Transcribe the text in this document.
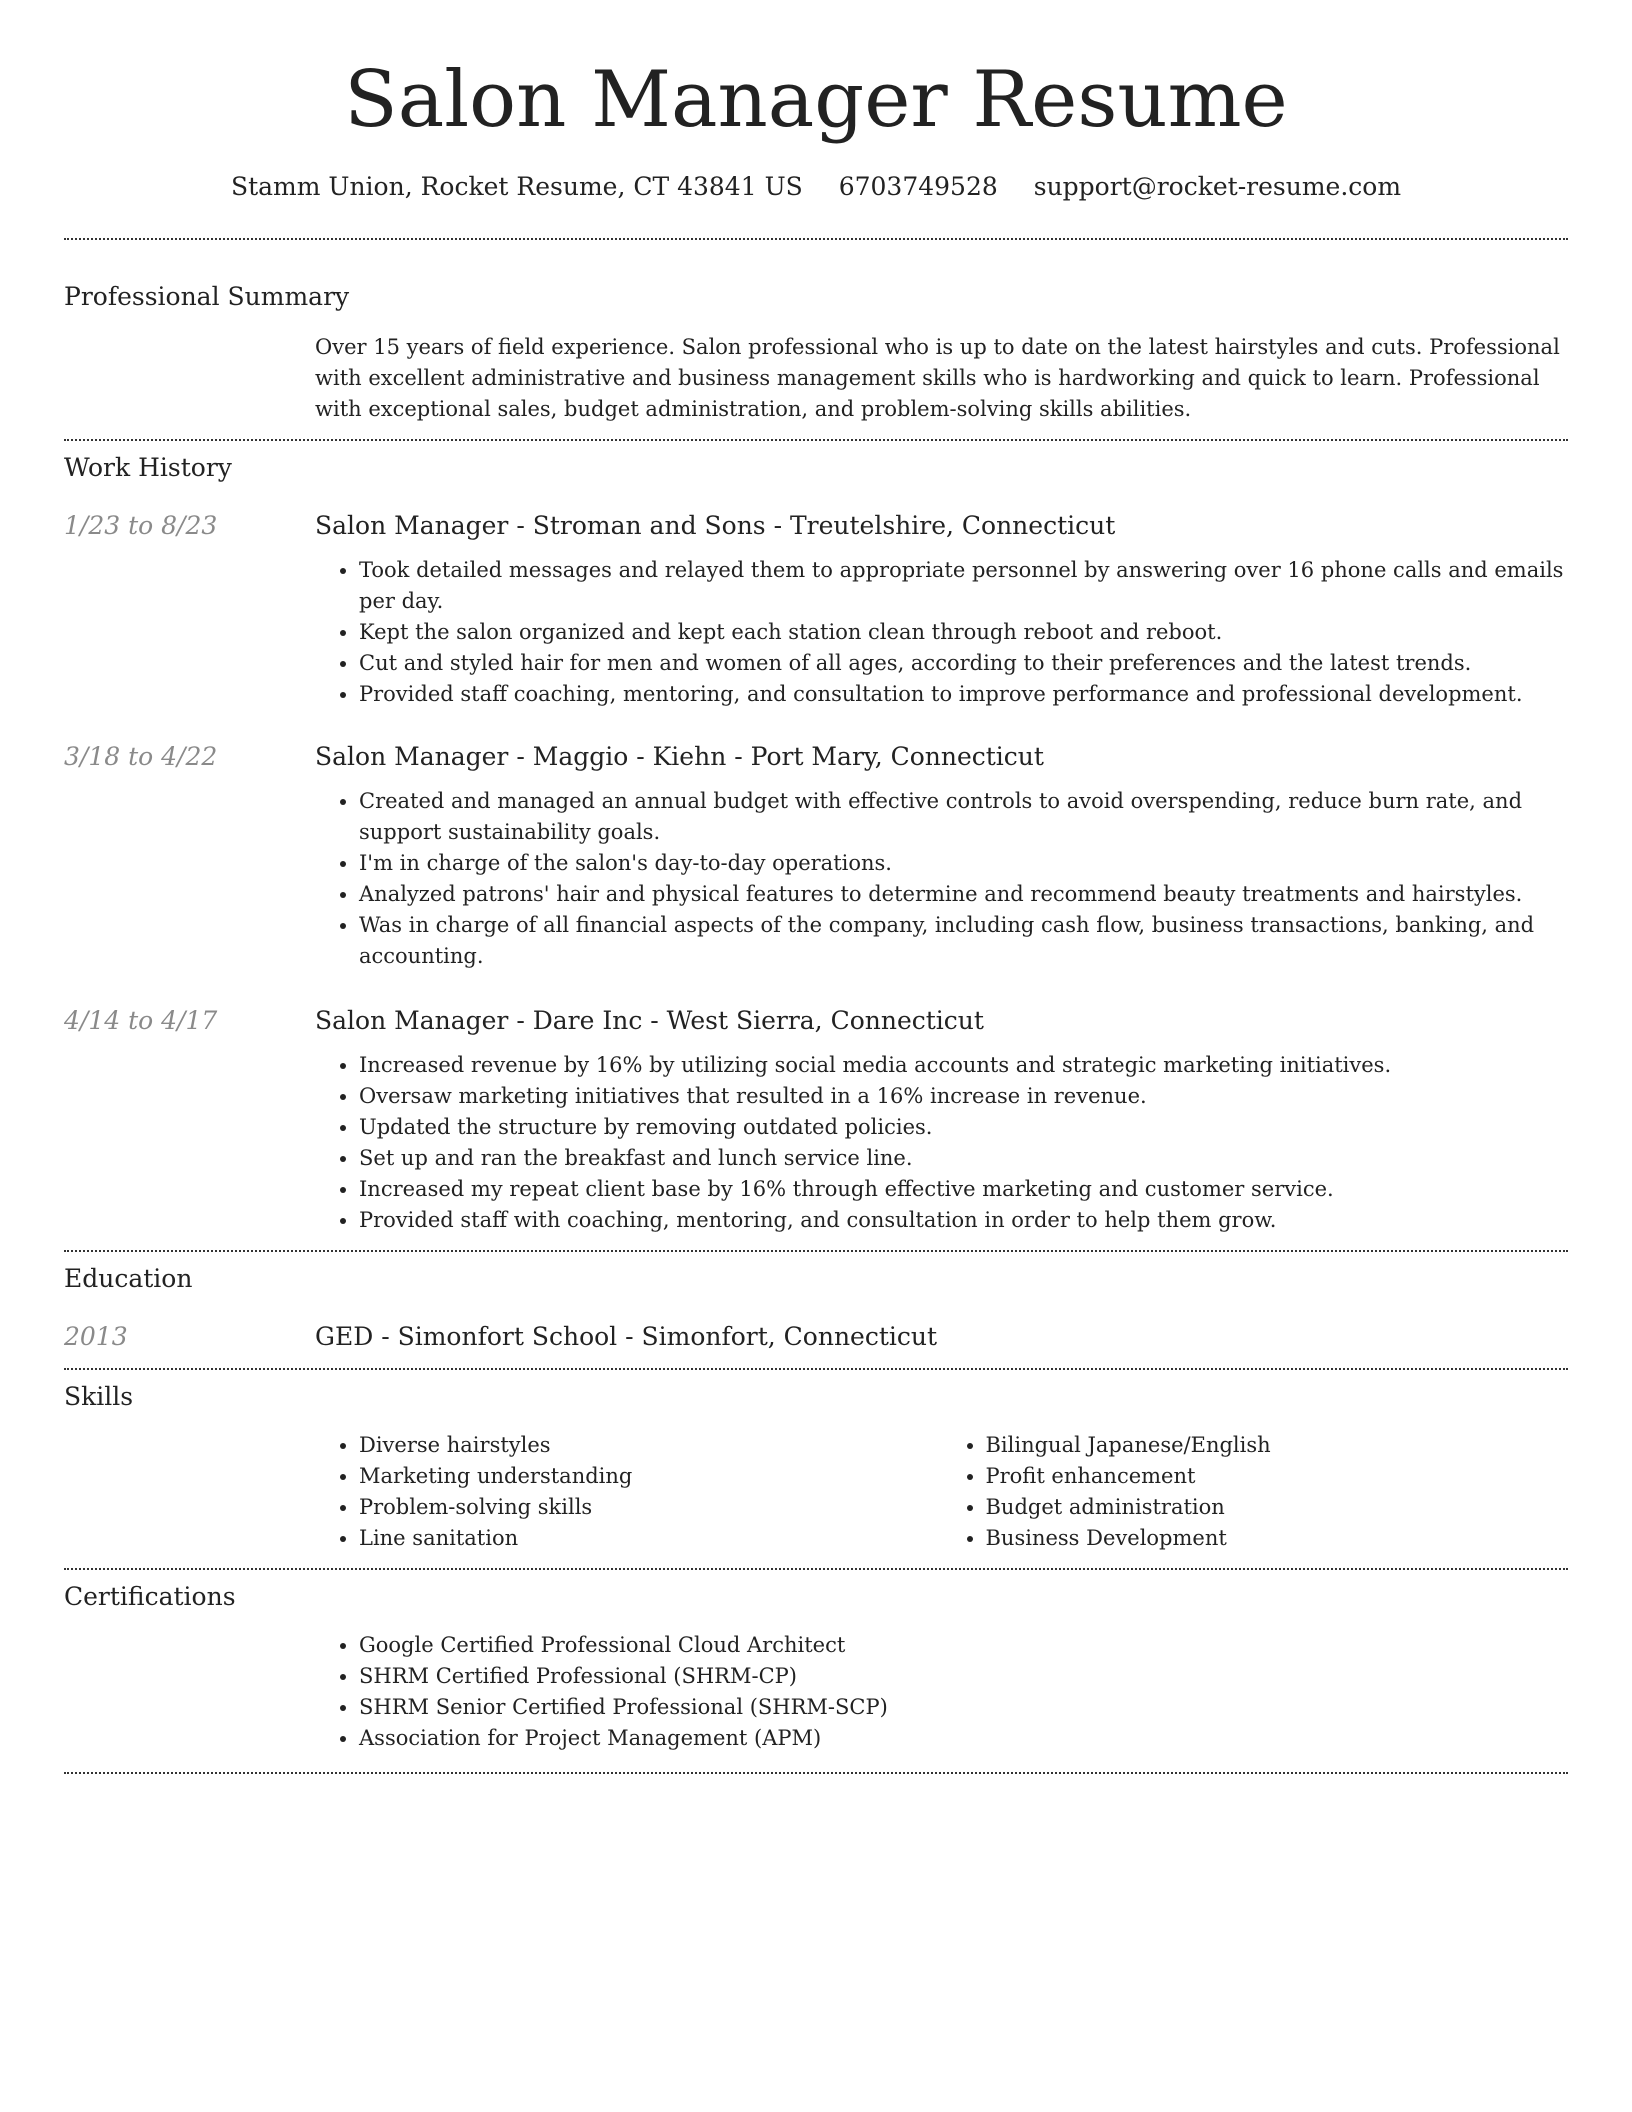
Salon Manager Resume
Stamm Union, Rocket Resume, CT 43841 US 6703749528 support@rocket-resume.com
Professional Summary

Over 15 years of field experience. Salon professional who is up to date on the latest hairstyles and cuts. Professional with excellent administrative and business management skills who is hardworking and quick to learn. Professional with exceptional sales, budget administration, and problem-solving skills abilities.

Work History
1/23 to 8/23	Salon Manager - Stroman and Sons - Treutelshire, Connecticut
• Took detailed messages and relayed them to appropriate personnel by answering over 16 phone calls and emails per day.
• Kept the salon organized and kept each station clean through reboot and reboot.
• Cut and styled hair for men and women of all ages, according to their preferences and the latest trends.
• Provided staff coaching, mentoring, and consultation to improve performance and professional development.
3/18 to 4/22	Salon Manager - Maggio - Kiehn - Port Mary, Connecticut
• Created and managed an annual budget with effective controls to avoid overspending, reduce burn rate, and support sustainability goals.
• I'm in charge of the salon's day-to-day operations.
• Analyzed patrons' hair and physical features to determine and recommend beauty treatments and hairstyles.
• Was in charge of all financial aspects of the company, including cash flow, business transactions, banking, and accounting.
4/14 to 4/17	Salon Manager - Dare Inc - West Sierra, Connecticut
• Increased revenue by 16% by utilizing social media accounts and strategic marketing initiatives.
• Oversaw marketing initiatives that resulted in a 16% increase in revenue.
• Updated the structure by removing outdated policies.
• Set up and ran the breakfast and lunch service line.
• Increased my repeat client base by 16% through effective marketing and customer service.
• Provided staff with coaching, mentoring, and consultation in order to help them grow.
Education
2013	GED - Simonfort School - Simonfort, Connecticut
Skills
• Diverse hairstyles
• Marketing understanding
• Problem-solving skills
• Line sanitation
• Bilingual Japanese/English
• Profit enhancement
• Budget administration
• Business Development
Certifications
• Google Certified Professional Cloud Architect
• SHRM Certified Professional (SHRM-CP)
• SHRM Senior Certified Professional (SHRM-SCP)
• Association for Project Management (APM)
